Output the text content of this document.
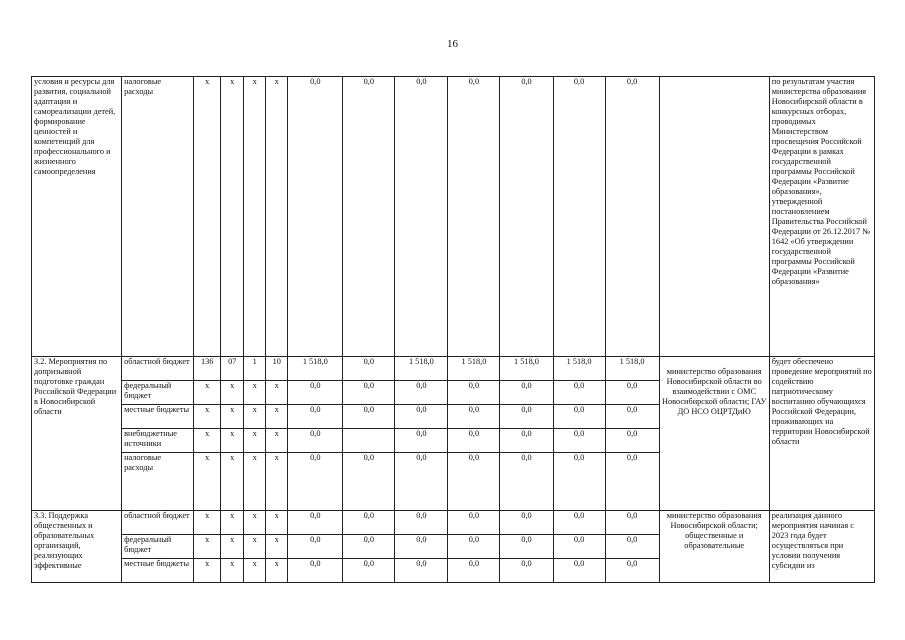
16
условия и ресурсы для развития, социальной адаптации и самореализации детей, формирование ценностей и компетенций для профессионального и жизненного самоопределения	налоговые расходы	x	x	x	x	0,0	0,0	0,0	0,0	0,0	0,0	0,0		по результатам участия министерства образования Новосибирской области в конкурсных отборах, проводимых Министерством просвещения Российской Федерации в рамках государственной программы Российской Федерации «Развитие образования», утвержденной постановлением Правительства Российской Федерации от 26.12.2017 № 1642 «Об утверждении государственной программы Российской Федерации «Развитие образования»
3.2. Мероприятия по допризывной подготовке граждан Российской Федерации в Новосибирской области	областной бюджет	136	07	1	10	1 518,0	0,0	1 518,0	1 518,0	1 518,0	1 518,0	1 518,0	министерство образования Новосибирской области во взаимодействии с ОМС Новосибирской области; ГАУ ДО НСО ОЦРТДиЮ	будет обеспечено проведение мероприятий по содействию патриотическому воспитанию обучающихся Российской Федерации, проживающих на территории Новосибирской области
	федеральный бюджет	x	x	x	x	0,0	0,0	0,0	0,0	0,0	0,0	0,0		
	местные бюджеты	x	x	x	x	0,0	0,0	0,0	0,0	0,0	0,0	0,0		
	внебюджетные источники	x	x	x	x	0,0		0,0	0,0	0,0	0,0	0,0		
	налоговые расходы	x	x	x	x	0,0	0,0	0,0	0,0	0,0	0,0	0,0		
3.3. Поддержка общественных и образовательных организаций, реализующих эффективные	областной бюджет	x	x	x	x	0,0	0,0	0,0	0,0	0,0	0,0	0,0	министерство образования Новосибирской области; общественные и образовательные	реализация данного мероприятия начиная с 2023 года будет осуществляться при условии получения субсидии из
	федеральный бюджет	x	x	x	x	0,0	0,0	0,0	0,0	0,0	0,0	0,0		
	местные бюджеты	x	x	x	x	0,0	0,0	0,0	0,0	0,0	0,0	0,0		
